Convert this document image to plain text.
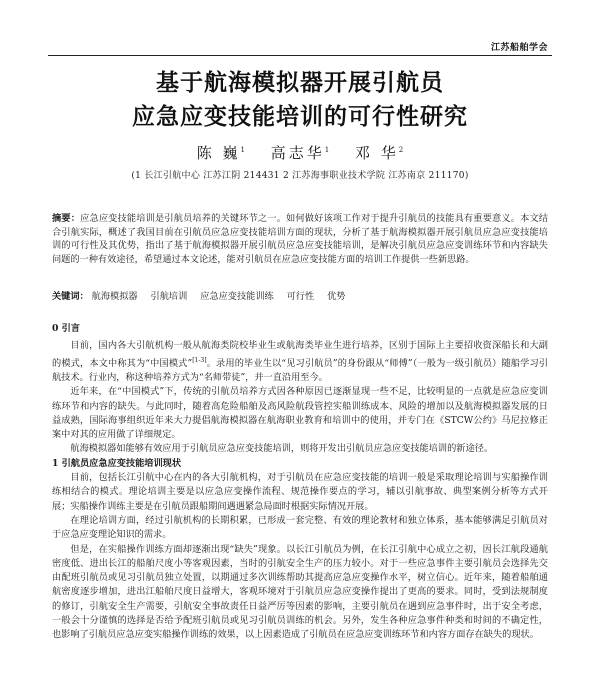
江苏船舶学会
基于航海模拟器开展引航员
应急应变技能培训的可行性研究
陈 巍$^1$ 高志华$^1$ 邓 华$^2$
(1 长江引航中心 江苏江阴 214431 2 江苏海事职业技术学院 江苏南京 211170)
摘要：应急应变技能培训是引航员培养的关键环节之一。如何做好该项工作对于提升引航员的技能具有重要意义。本文结合引航实际，概述了我国目前在引航员应急应变技能培训方面的现状，分析了基于航海模拟器开展引航员应急应变技能培训的可行性及其优势，指出了基于航海模拟器开展引航员应急应变技能培训，是解决引航员应急应变训练环节和内容缺失问题的一种有效途径，希望通过本文论述，能对引航员在应急应变技能方面的培训工作提供一些新思路。
关键词： 航海模拟器 引航培训 应急应变技能训练 可行性 优势
0 引言

目前，国内各大引航机构一般从航海类院校毕业生或航海类毕业生进行培养，区别于国际上主要招收资深船长和大副的模式，本文中称其为“中国模式”[1-3]。录用的毕业生以“见习引航员”的身份跟从“师傅”（一般为一级引航员）随船学习引航技术。行业内，称这种培养方式为“名师带徒”，并一直沿用至今。

近年来，在“中国模式”下，传统的引航员培养方式因各种原因已逐渐显现一些不足，比较明显的一点就是应急应变训练环节和内容的缺失。与此同时，随着高危险船舶及高风险航段管控实船训练成本、风险的增加以及航海模拟器发展的日益成熟，国际海事组织近年来大力提倡航海模拟器在航海职业教育和培训中的使用，并专门在《STCW公约》马尼拉修正案中对其的应用做了详细规定。

航海模拟器如能够有效应用于引航员应急应变技能培训，则将开发出引航员应急应变技能培训的新途径。

1 引航员应急应变技能培训现状

目前，包括长江引航中心在内的各大引航机构，对于引航员在应急应变技能的培训一般是采取理论培训与实船操作训练相结合的模式。理论培训主要是以应急应变操作流程、规范操作要点的学习，辅以引航事故、典型案例分析等方式开展；实船操作训练主要是在引航员跟船期间遇遇紧急局面时根据实际情况开展。

在理论培训方面，经过引航机构的长期积累，已形成一套完整、有效的理论教材和独立体系，基本能够满足引航员对于应急应变理论知识的需求。

但是，在实船操作训练方面却逐渐出现“缺失”现象。以长江引航员为例，在长江引航中心成立之初，因长江航段通航密度低、进出长江的船舶尺度小等客观因素，当时的引航安全生产的压力较小。对于一些应急事件主要引航员会选择先交由配班引航员或见习引航员独立处置，以期通过多次训练帮助其提高应急应变操作水平，树立信心。近年来，随着船舶通航密度逐步增加，进出江船舶尺度日益增大，客观环境对于引航员应急应变操作提出了更高的要求。同时，受到法规制度的修订，引航安全生产需要，引航安全事故责任日益严厉等因素的影响，主要引航员在遇到应急事件时，出于安全考虑，一般会十分谨慎的选择是否给予配班引航员或见习引航员训练的机会。另外，发生各种应急事件种类和时间的不确定性，也影响了引航员应急应变实船操作训练的效果，以上因素造成了引航员在应急应变训练环节和内容方面存在缺失的现状。
